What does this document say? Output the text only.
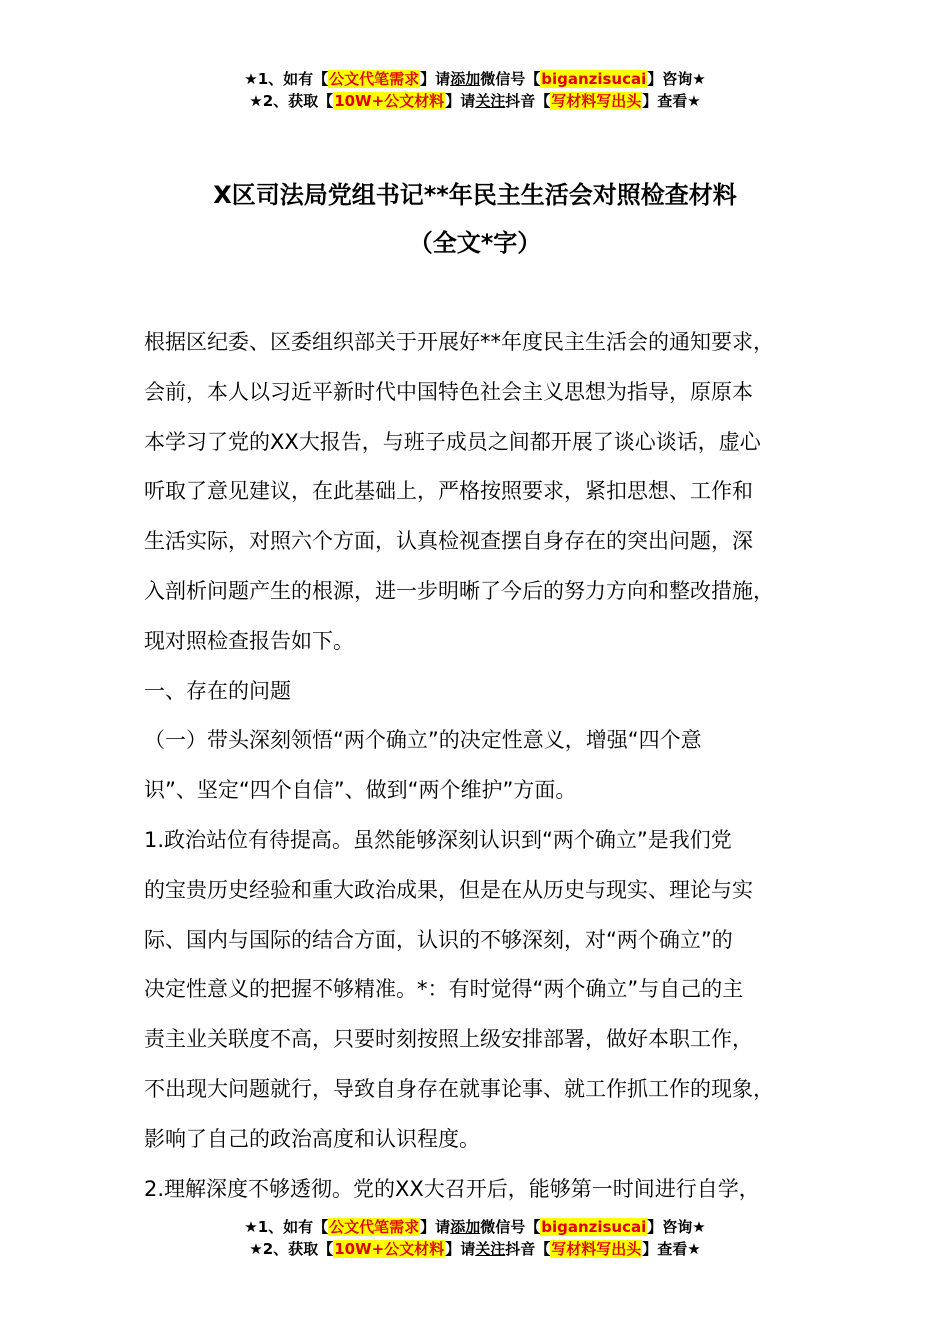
★1、如有【公文代笔需求】请添加微信号【biganzisucai】咨询★
★2、获取【10W+公文材料】请关注抖音【写材料写出头】查看★
X区司法局党组书记**年民主生活会对照检查材料
（全文*字）
根据区纪委、区委组织部关于开展好**年度民主生活会的通知要求，
会前，本人以习近平新时代中国特色社会主义思想为指导，原原本
本学习了党的XX大报告，与班子成员之间都开展了谈心谈话，虚心
听取了意见建议，在此基础上，严格按照要求，紧扣思想、工作和
生活实际，对照六个方面，认真检视查摆自身存在的突出问题，深
入剖析问题产生的根源，进一步明晰了今后的努力方向和整改措施，
现对照检查报告如下。
一、存在的问题
（一）带头深刻领悟“两个确立”的决定性意义，增强“四个意
识”、坚定“四个自信”、做到“两个维护”方面。
1.政治站位有待提高。虽然能够深刻认识到“两个确立”是我们党
的宝贵历史经验和重大政治成果，但是在从历史与现实、理论与实
际、国内与国际的结合方面，认识的不够深刻，对“两个确立”的
决定性意义的把握不够精准。*：有时觉得“两个确立”与自己的主
责主业关联度不高，只要时刻按照上级安排部署，做好本职工作，
不出现大问题就行，导致自身存在就事论事、就工作抓工作的现象，
影响了自己的政治高度和认识程度。
2.理解深度不够透彻。党的XX大召开后，能够第一时间进行自学，
★1、如有【公文代笔需求】请添加微信号【biganzisucai】咨询★
★2、获取【10W+公文材料】请关注抖音【写材料写出头】查看★
